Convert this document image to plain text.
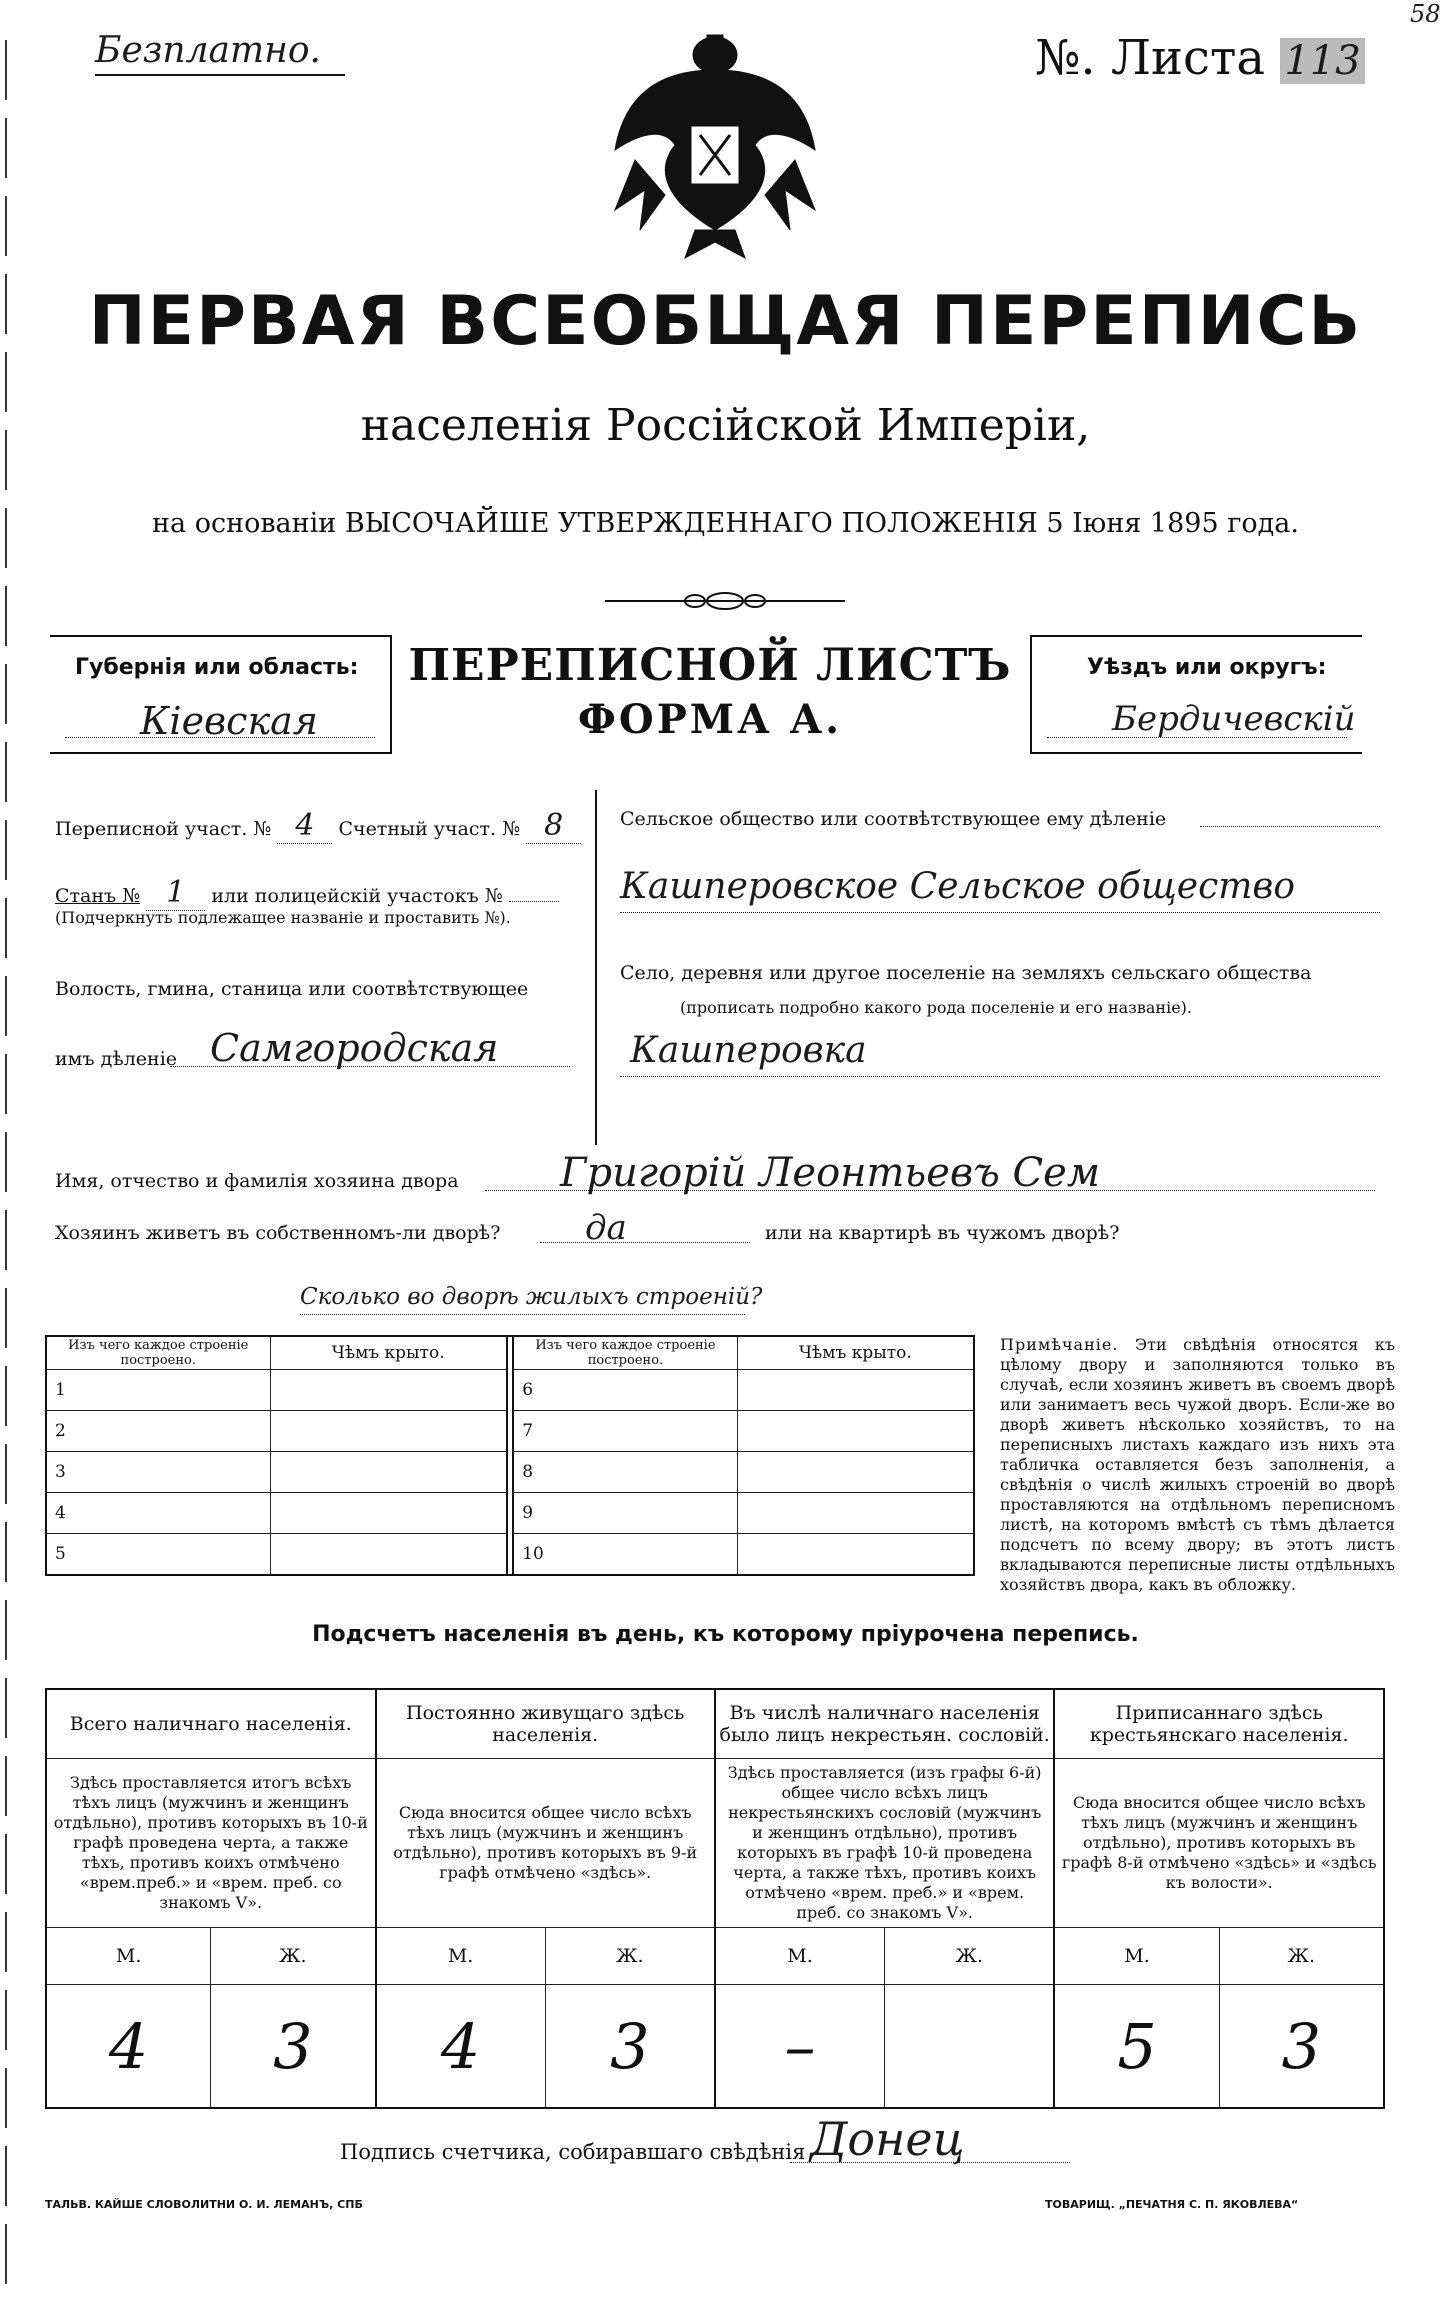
Безплатно.	№. Листа 113
58
ПЕРВАЯ ВСЕОБЩАЯ ПЕРЕПИСЬ
населенія Россійской Имперіи,
на основаніи ВЫСОЧАЙШЕ УТВЕРЖДЕННАГО ПОЛОЖЕНІЯ 5 Іюня 1895 года.
Губернія или область:
Кіевская
ПЕРЕПИСНОЙ ЛИСТЪ
ФОРМА А.
Уѣздъ или округъ:
Бердичевскій
Переписной участ. № 4 Счетный участ. № 8
Станъ № 1 или полицейскій участокъ №
(Подчеркнуть подлежащее названіе и проставить №).
Волость, гмина, станица или соотвѣтствующее
имъ дѣленіе Самгородская
Сельское общество или соотвѣтствующее ему дѣленіе
Кашперовское Сельское общество
Село, деревня или другое поселеніе на земляхъ сельскаго общества
(прописать подробно какого рода поселеніе и его названіе).
Кашперовка
Имя, отчество и фамилія хозяина двора	Григорій Леонтьевъ Сем
Хозяинъ живетъ въ собственномъ-ли дворѣ? да	или на квартирѣ въ чужомъ дворѣ?
Сколько во дворѣ жилыхъ строеній?
Изъ чего каждое строеніе построено.	Чѣмъ крыто.		Изъ чего каждое строеніе построено.	Чѣмъ крыто.
1			6	
2			7	
3			8	
4			9	
5			10	
Примѣчаніе. Эти свѣдѣнія относятся къ цѣлому двору и заполняются только въ случаѣ, если хозяинъ живетъ въ своемъ дворѣ или занимаетъ весь чужой дворъ. Если-же во дворѣ живетъ нѣсколько хозяйствъ, то на переписныхъ листахъ каждаго изъ нихъ эта табличка оставляется безъ заполненія, а свѣдѣнія о числѣ жилыхъ строеній во дворѣ проставляются на отдѣльномъ переписномъ листѣ, на которомъ вмѣстѣ съ тѣмъ дѣлается подсчетъ по всему двору; въ этотъ листъ вкладываются переписные листы отдѣльныхъ хозяйствъ двора, какъ въ обложку.
Подсчетъ населенія въ день, къ которому пріурочена перепись.
Всего наличнаго населенія.		Постоянно живущаго здѣсь населенія.		Въ числѣ наличнаго населенія было лицъ некрестьян. сословій.		Приписаннаго здѣсь крестьянскаго населенія.	
Здѣсь проставляется итогъ всѣхъ тѣхъ лицъ (мужчинъ и женщинъ отдѣльно), противъ которыхъ въ 10-й графѣ проведена черта, а также тѣхъ, противъ коихъ отмѣчено «врем.преб.» и «врем. преб. со знакомъ V».		Сюда вносится общее число всѣхъ тѣхъ лицъ (мужчинъ и женщинъ отдѣльно), противъ которыхъ въ 9-й графѣ отмѣчено «здѣсь».		Здѣсь проставляется (изъ графы 6-й) общее число всѣхъ лицъ некрестьянскихъ сословій (мужчинъ и женщинъ отдѣльно), противъ которыхъ въ графѣ 10-й проведена черта, а также тѣхъ, противъ коихъ отмѣчено «врем. преб.» и «врем. преб. со знакомъ V».		Сюда вносится общее число всѣхъ тѣхъ лицъ (мужчинъ и женщинъ отдѣльно), противъ которыхъ въ графѣ 8-й отмѣчено «здѣсь» и «здѣсь къ волости».	
М.	Ж.	М.	Ж.	М.	Ж.	М.	Ж.
4	3	4	3	–		5	3
Подпись счетчика, собиравшаго свѣдѣнія Донец
ТАЛЬВ. КАЙШЕ СЛОВОЛИТНИ О. И. ЛЕМАНЪ, СПБ	ТОВАРИЩ. „ПЕЧАТНЯ С. П. ЯКОВЛЕВА“
